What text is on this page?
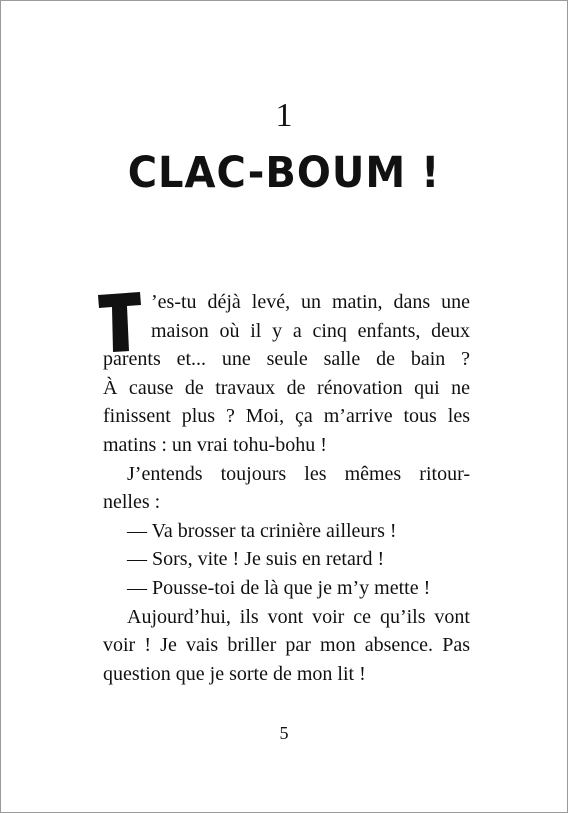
1
CLAC-BOUM !
’es-tu déjà levé, un matin, dans une
maison où il y a cinq enfants, deux
parents et... une seule salle de bain ?
À cause de travaux de rénovation qui ne
finissent plus ? Moi, ça m’arrive tous les
matins : un vrai tohu-bohu !
J’entends toujours les mêmes ritour-
nelles :
— Va brosser ta crinière ailleurs !
— Sors, vite ! Je suis en retard !
— Pousse-toi de là que je m’y mette !
Aujourd’hui, ils vont voir ce qu’ils vont
voir ! Je vais briller par mon absence. Pas
question que je sorte de mon lit !
5
